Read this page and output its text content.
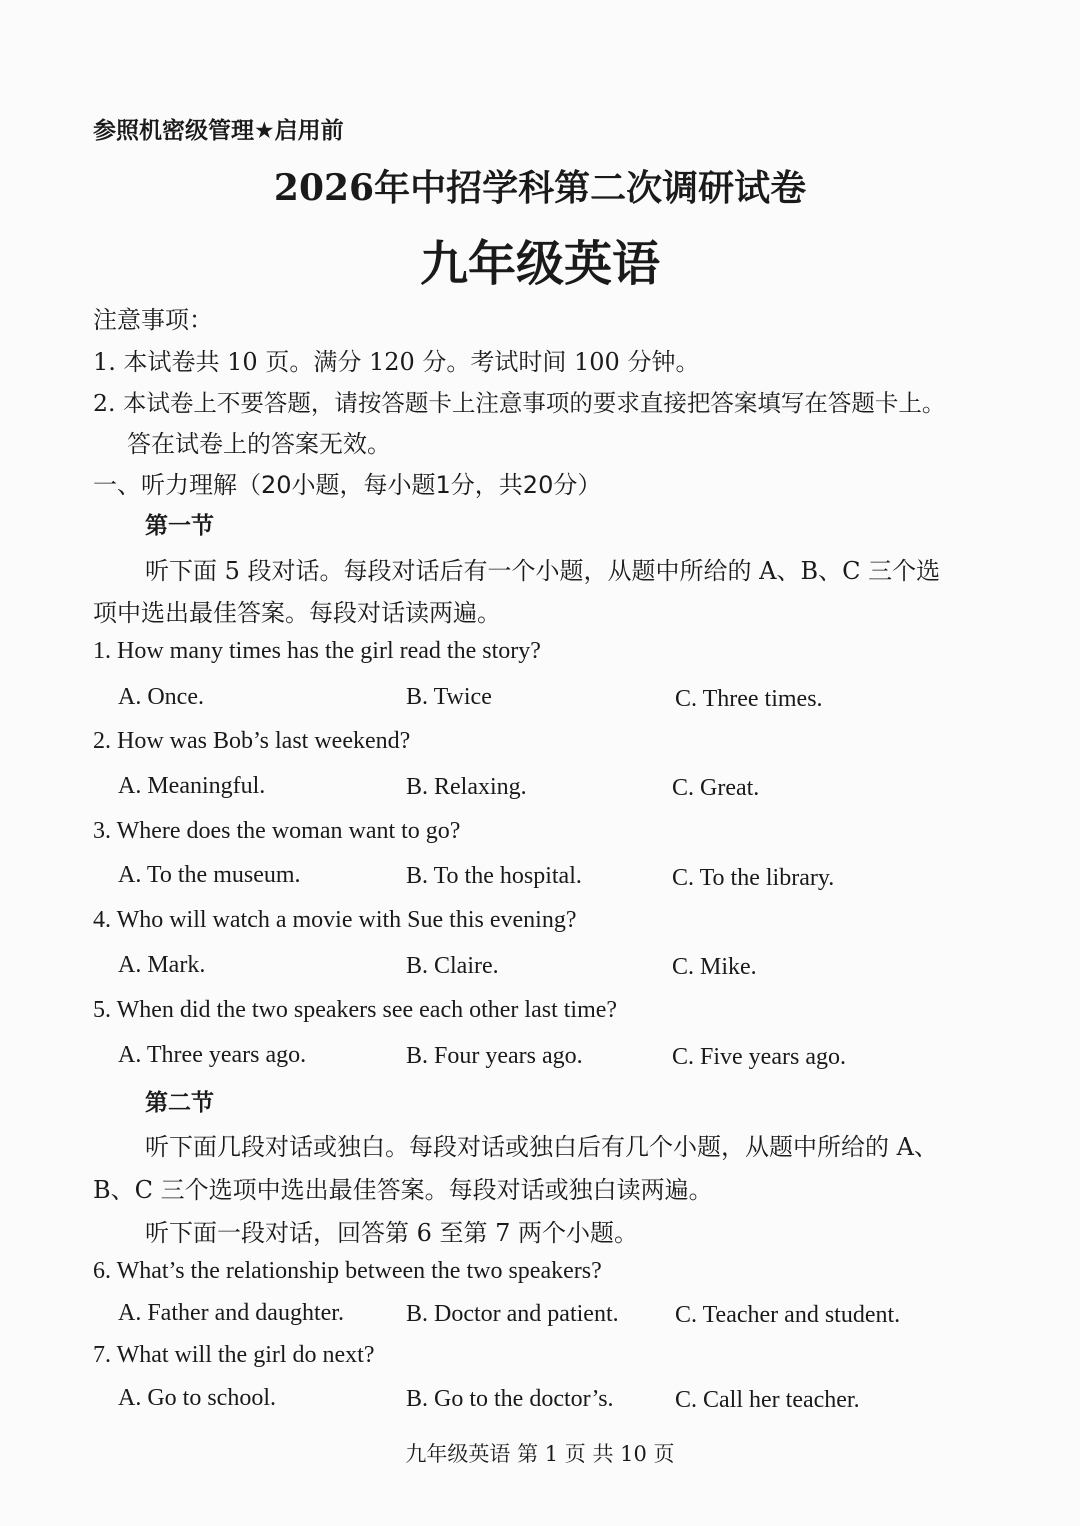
参照机密级管理★启用前
2026年中招学科第二次调研试卷
九年级英语
注意事项：
1. 本试卷共 10 页。满分 120 分。考试时间 100 分钟。
2. 本试卷上不要答题，请按答题卡上注意事项的要求直接把答案填写在答题卡上。
答在试卷上的答案无效。
一、听力理解（20小题，每小题1分，共20分）
第一节
听下面 5 段对话。每段对话后有一个小题，从题中所给的 A、B、C 三个选
项中选出最佳答案。每段对话读两遍。
1. How many times has the girl read the story?
A. Once.	B. Twice	C. Three times.
2. How was Bob’s last weekend?
A. Meaningful.	B. Relaxing.	C. Great.
3. Where does the woman want to go?
A. To the museum.	B. To the hospital.	C. To the library.
4. Who will watch a movie with Sue this evening?
A. Mark.	B. Claire.	C. Mike.
5. When did the two speakers see each other last time?
A. Three years ago.	B. Four years ago.	C. Five years ago.
第二节
听下面几段对话或独白。每段对话或独白后有几个小题，从题中所给的 A、
B、C 三个选项中选出最佳答案。每段对话或独白读两遍。
听下面一段对话，回答第 6 至第 7 两个小题。
6. What’s the relationship between the two speakers?
A. Father and daughter.	B. Doctor and patient. C. Teacher and student.
7. What will the girl do next?
A. Go to school.	B. Go to the doctor’s.	C. Call her teacher.
九年级英语 第 1 页 共 10 页
